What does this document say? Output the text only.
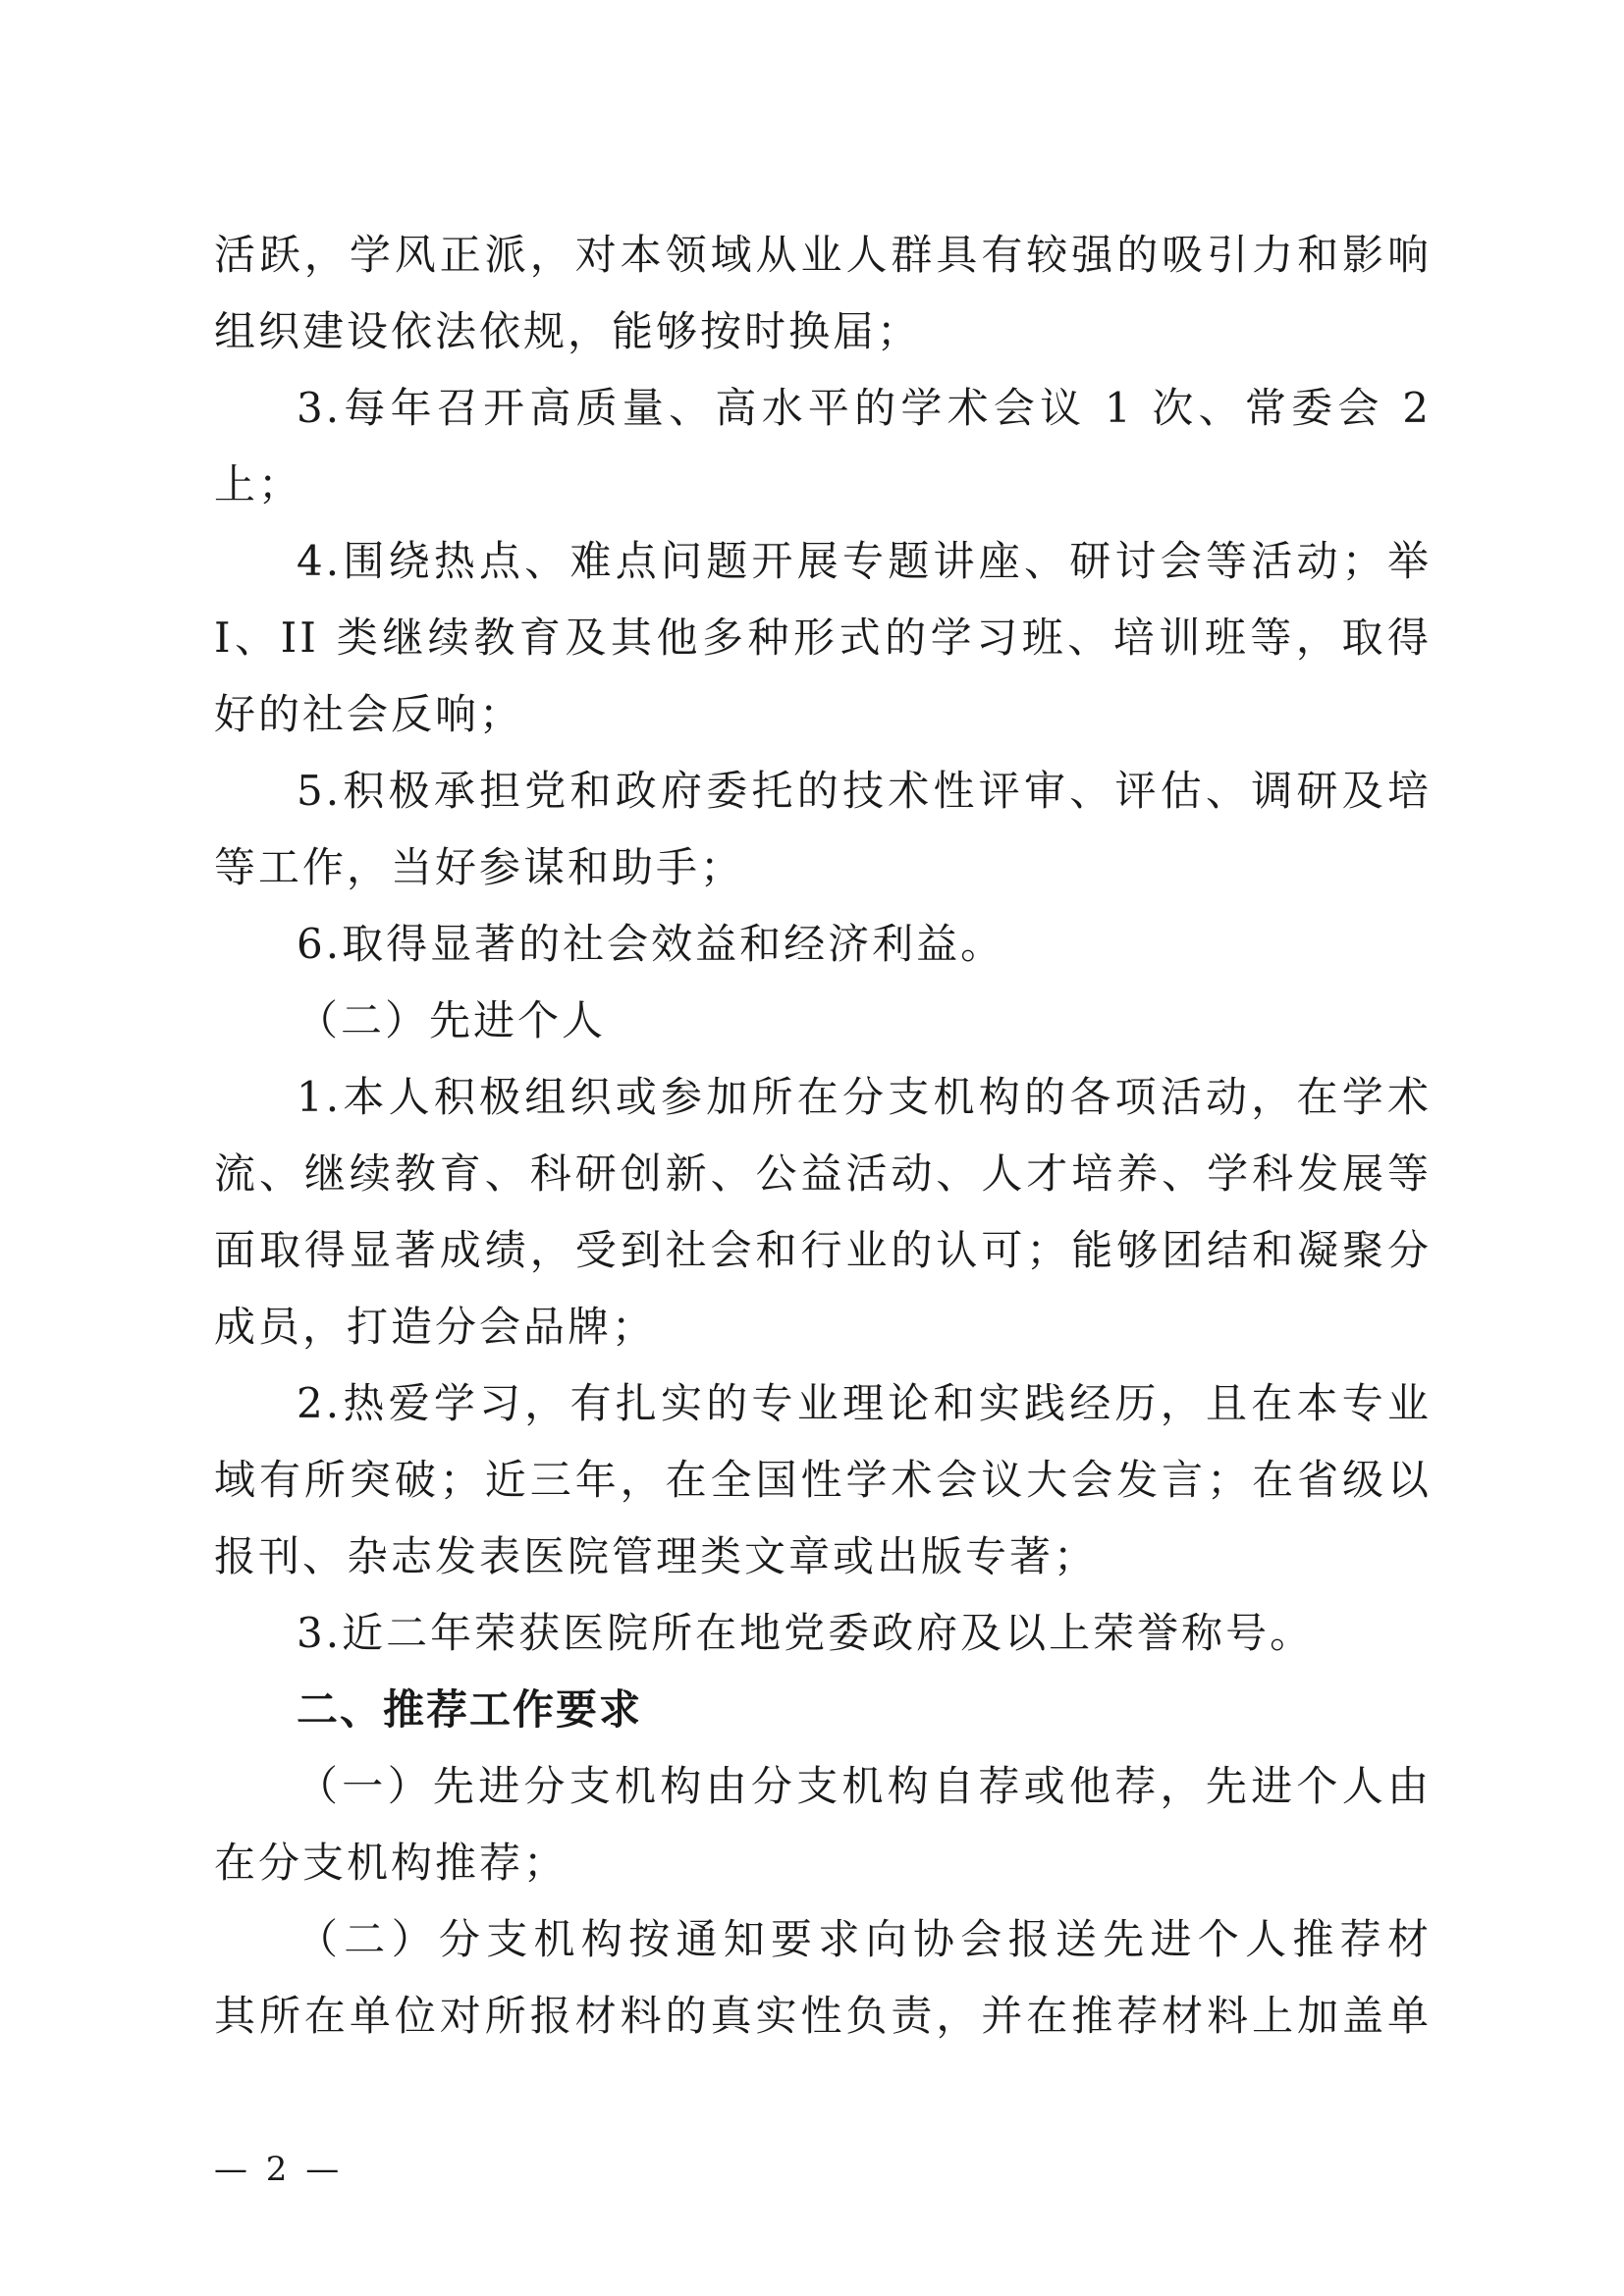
活跃，学风正派，对本领域从业人群具有较强的吸引力和影响
组织建设依法依规，能够按时换届；
3.每年召开高质量、高水平的学术会议 1 次、常委会 2
上；
4.围绕热点、难点问题开展专题讲座、研讨会等活动；举
I、II 类继续教育及其他多种形式的学习班、培训班等，取得
好的社会反响；
5.积极承担党和政府委托的技术性评审、评估、调研及培
等工作，当好参谋和助手；
6.取得显著的社会效益和经济利益。
（二）先进个人
1.本人积极组织或参加所在分支机构的各项活动，在学术
流、继续教育、科研创新、公益活动、人才培养、学科发展等
面取得显著成绩，受到社会和行业的认可；能够团结和凝聚分
成员，打造分会品牌；
2.热爱学习，有扎实的专业理论和实践经历，且在本专业
域有所突破；近三年，在全国性学术会议大会发言；在省级以
报刊、杂志发表医院管理类文章或出版专著；
3.近二年荣获医院所在地党委政府及以上荣誉称号。
二、推荐工作要求
（一）先进分支机构由分支机构自荐或他荐，先进个人由
在分支机构推荐；
（二）分支机构按通知要求向协会报送先进个人推荐材
其所在单位对所报材料的真实性负责，并在推荐材料上加盖单
— 2 —
